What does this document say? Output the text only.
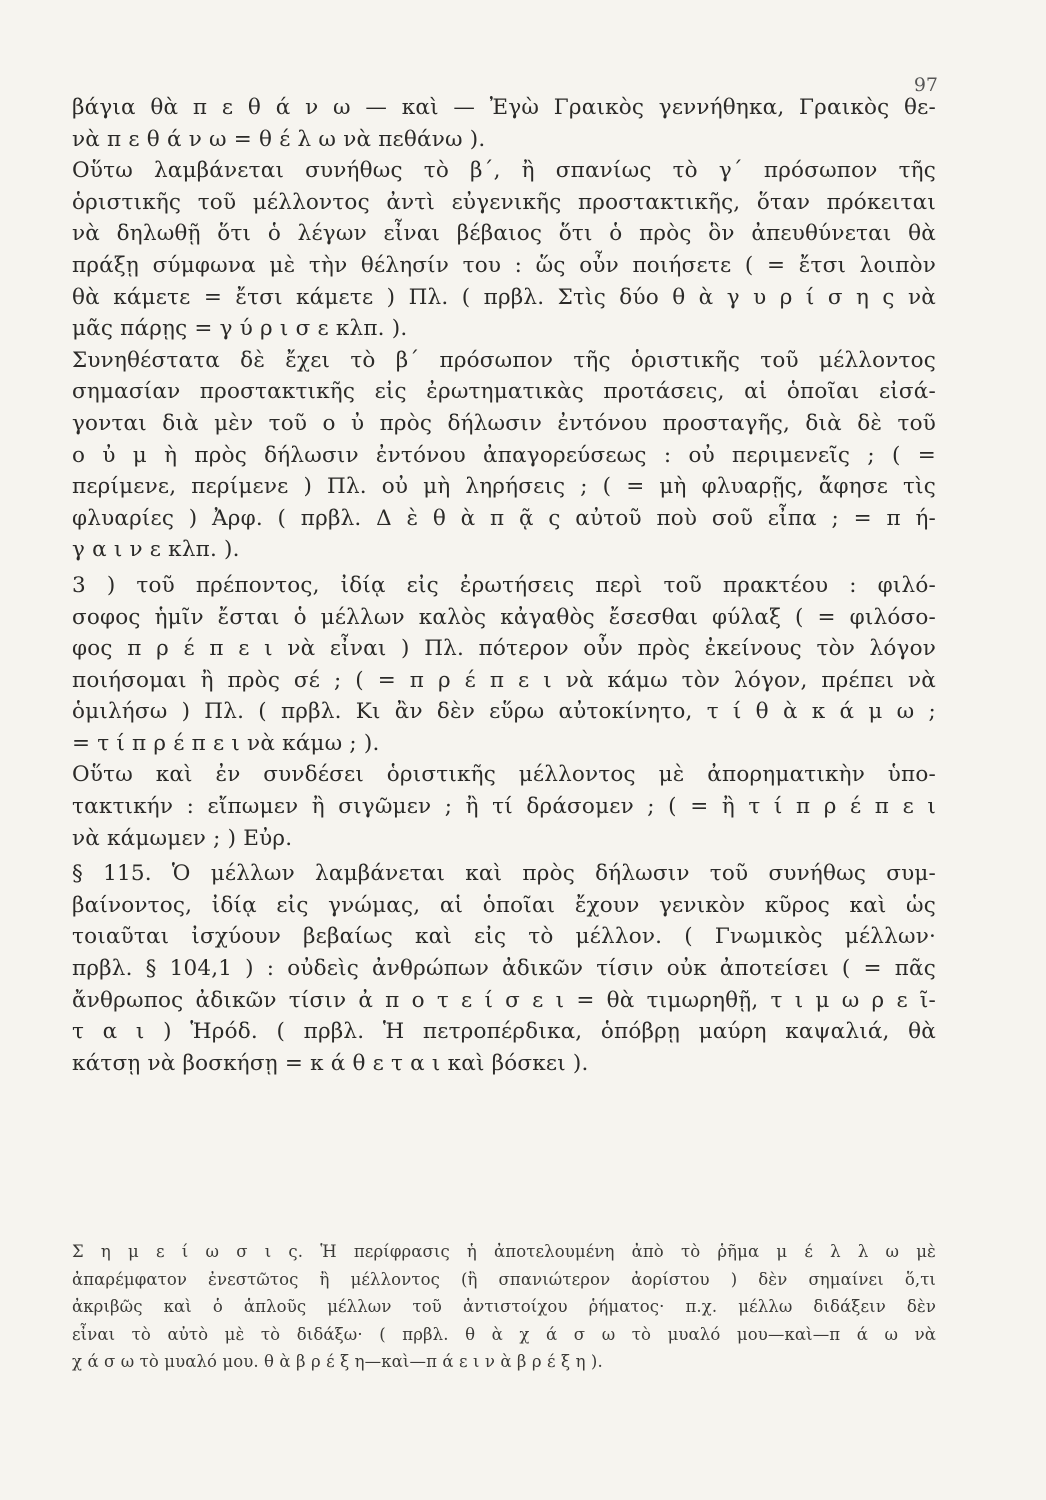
97
βάγια θὰ π ε θ ά ν ω — καὶ — Ἐγὼ Γραικὸς γεννήθηκα, Γραικὸς θε-
νὰ π ε θ ά ν ω = θ έ λ ω νὰ πεθάνω ).
Οὕτω λαμβάνεται συνήθως τὸ β΄, ἢ σπανίως τὸ γ΄ πρόσωπον τῆς
ὁριστικῆς τοῦ μέλλοντος ἀντὶ εὐγενικῆς προστακτικῆς, ὅταν πρόκειται
νὰ δηλωθῇ ὅτι ὁ λέγων εἶναι βέβαιος ὅτι ὁ πρὸς ὃν ἀπευθύνεται θὰ
πράξῃ σύμφωνα μὲ τὴν θέλησίν του : ὥς οὖν ποιήσετε ( = ἔτσι λοιπὸν
θὰ κάμετε = ἔτσι κάμετε ) Πλ. ( πρβλ. Στὶς δύο θ ὰ γ υ ρ ί σ η ς νὰ
μᾶς πάρῃς = γ ύ ρ ι σ ε κλπ. ).
Συνηθέστατα δὲ ἔχει τὸ β΄ πρόσωπον τῆς ὁριστικῆς τοῦ μέλλοντος
σημασίαν προστακτικῆς εἰς ἐρωτηματικὰς προτάσεις, αἱ ὁποῖαι εἰσά-
γονται διὰ μὲν τοῦ ο ὐ πρὸς δήλωσιν ἐντόνου προσταγῆς, διὰ δὲ τοῦ
ο ὐ μ ὴ πρὸς δήλωσιν ἐντόνου ἀπαγορεύσεως : οὐ περιμενεῖς ; ( =
περίμενε, περίμενε ) Πλ. οὐ μὴ ληρήσεις ; ( = μὴ φλυαρῇς, ἄφησε τὶς
φλυαρίες ) Ἀρφ. ( πρβλ. Δ ὲ θ ὰ π ᾷ ς αὐτοῦ ποὺ σοῦ εἶπα ; = π ή-
γ α ι ν ε κλπ. ).
3 ) τοῦ πρέποντος, ἰδίᾳ εἰς ἐρωτήσεις περὶ τοῦ πρακτέου : φιλό-
σοφος ἡμῖν ἔσται ὁ μέλλων καλὸς κἀγαθὸς ἔσεσθαι φύλαξ ( = φιλόσο-
φος π ρ έ π ε ι νὰ εἶναι ) Πλ. πότερον οὖν πρὸς ἐκείνους τὸν λόγον
ποιήσομαι ἢ πρὸς σέ ; ( = π ρ έ π ε ι νὰ κάμω τὸν λόγον, πρέπει νὰ
ὁμιλήσω ) Πλ. ( πρβλ. Κι ἂν δὲν εὕρω αὐτοκίνητο, τ ί θ ὰ κ ά μ ω ;
= τ ί π ρ έ π ε ι νὰ κάμω ; ).
Οὕτω καὶ ἐν συνδέσει ὁριστικῆς μέλλοντος μὲ ἀπορηματικὴν ὑπο-
τακτικήν : εἴπωμεν ἢ σιγῶμεν ; ἢ τί δράσομεν ; ( = ἢ τ ί π ρ έ π ε ι
νὰ κάμωμεν ; ) Εὐρ.
§ 115. Ὁ μέλλων λαμβάνεται καὶ πρὸς δήλωσιν τοῦ συνήθως συμ-
βαίνοντος, ἰδίᾳ εἰς γνώμας, αἱ ὁποῖαι ἔχουν γενικὸν κῦρος καὶ ὡς
τοιαῦται ἰσχύουν βεβαίως καὶ εἰς τὸ μέλλον. ( Γνωμικὸς μέλλων·
πρβλ. § 104,1 ) : οὐδεὶς ἀνθρώπων ἀδικῶν τίσιν οὐκ ἀποτείσει ( = πᾶς
ἄνθρωπος ἀδικῶν τίσιν ἀ π ο τ ε ί σ ε ι = θὰ τιμωρηθῇ, τ ι μ ω ρ ε ῖ-
τ α ι ) Ἡρόδ. ( πρβλ. Ἡ πετροπέρδικα, ὁπόβρῃ μαύρη καψαλιά, θὰ
κάτσῃ νὰ βοσκήσῃ = κ ά θ ε τ α ι καὶ βόσκει ).
Σ η μ ε ί ω σ ι ς. Ἡ περίφρασις ἡ ἀποτελουμένη ἀπὸ τὸ ῥῆμα μ έ λ λ ω μὲ
ἀπαρέμφατον ἐνεστῶτος ἢ μέλλοντος (ἢ σπανιώτερον ἀορίστου ) δὲν σημαίνει ὅ,τι
ἀκριβῶς καὶ ὁ ἁπλοῦς μέλλων τοῦ ἀντιστοίχου ῥήματος· π.χ. μέλλω διδάξειν δὲν
εἶναι τὸ αὐτὸ μὲ τὸ διδάξω· ( πρβλ. θ ὰ χ ά σ ω τὸ μυαλό μου—καὶ—π ά ω νὰ
χ ά σ ω τὸ μυαλό μου. θ ὰ β ρ έ ξ η—καὶ—π ά ε ι ν ὰ β ρ έ ξ η ).
